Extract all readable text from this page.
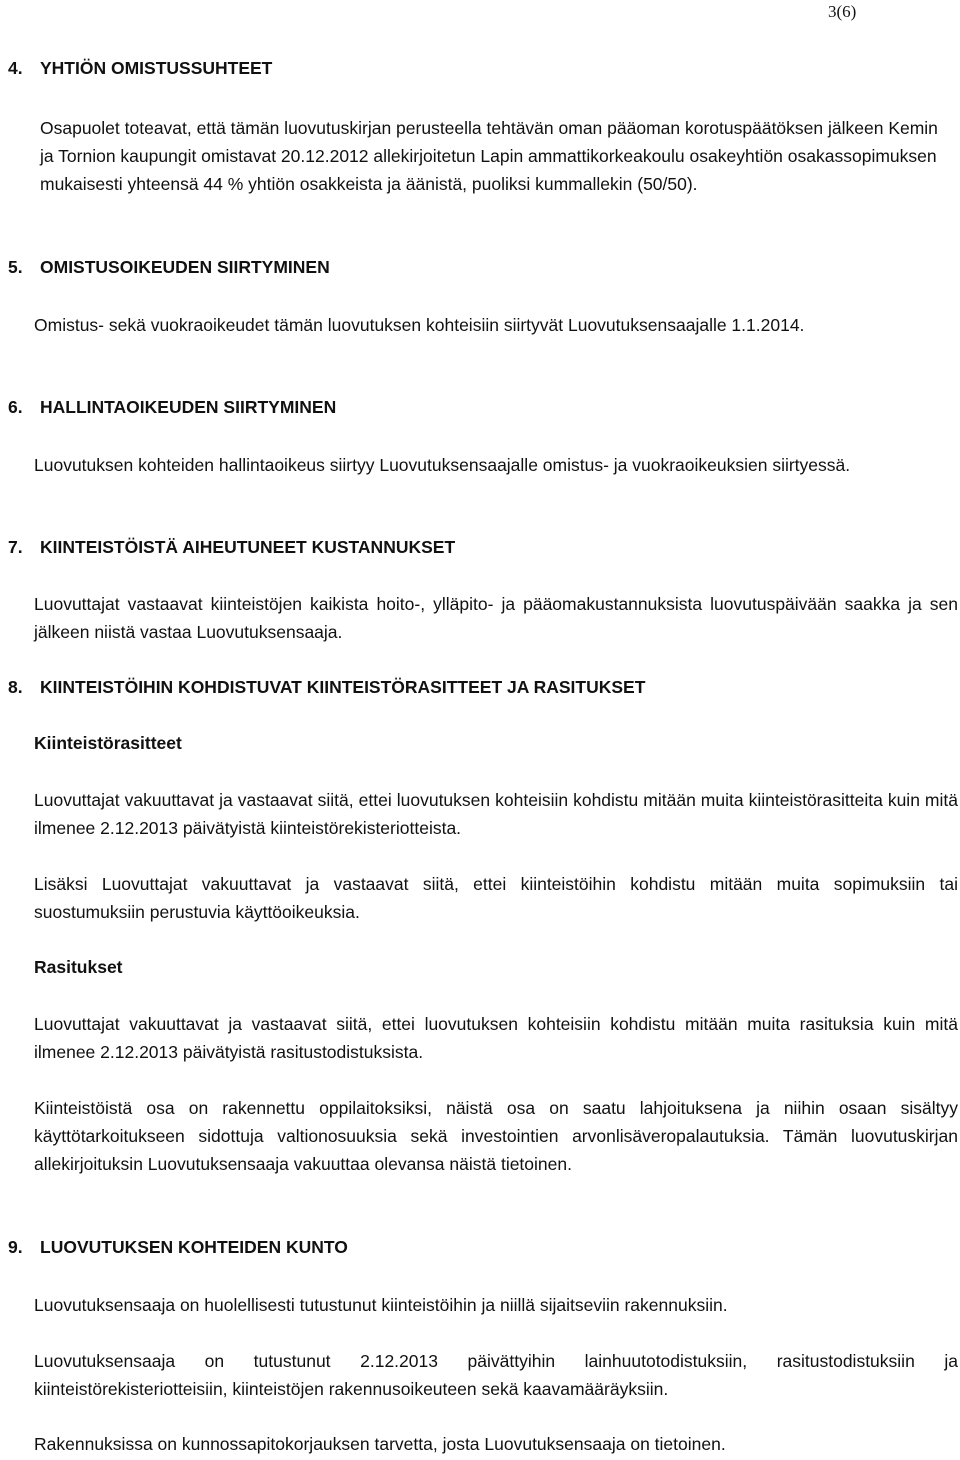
3(6)
4. YHTIÖN OMISTUSSUHTEET

Osapuolet toteavat, että tämän luovutuskirjan perusteella tehtävän oman pääoman korotuspäätöksen jälkeen Kemin ja Tornion kaupungit omistavat 20.12.2012 allekirjoitetun Lapin ammattikorkeakoulu osakeyhtiön osakassopimuksen mukaisesti yhteensä 44 % yhtiön osakkeista ja äänistä, puoliksi kummallekin (50/50).

5. OMISTUSOIKEUDEN SIIRTYMINEN

Omistus- sekä vuokraoikeudet tämän luovutuksen kohteisiin siirtyvät Luovutuksensaajalle 1.1.2014.

6. HALLINTAOIKEUDEN SIIRTYMINEN

Luovutuksen kohteiden hallintaoikeus siirtyy Luovutuksensaajalle omistus- ja vuokraoikeuksien siirtyessä.

7. KIINTEISTÖISTÄ AIHEUTUNEET KUSTANNUKSET

Luovuttajat vastaavat kiinteistöjen kaikista hoito-, ylläpito- ja pääomakustannuksista luovutuspäivään saakka ja sen jälkeen niistä vastaa Luovutuksensaaja.

8. KIINTEISTÖIHIN KOHDISTUVAT KIINTEISTÖRASITTEET JA RASITUKSET
Kiinteistörasitteet

Luovuttajat vakuuttavat ja vastaavat siitä, ettei luovutuksen kohteisiin kohdistu mitään muita kiinteistörasitteita kuin mitä ilmenee 2.12.2013 päivätyistä kiinteistörekisteriotteista.

Lisäksi Luovuttajat vakuuttavat ja vastaavat siitä, ettei kiinteistöihin kohdistu mitään muita sopimuksiin tai suostumuksiin perustuvia käyttöoikeuksia.

Rasitukset

Luovuttajat vakuuttavat ja vastaavat siitä, ettei luovutuksen kohteisiin kohdistu mitään muita rasituksia kuin mitä ilmenee 2.12.2013 päivätyistä rasitustodistuksista.

Kiinteistöistä osa on rakennettu oppilaitoksiksi, näistä osa on saatu lahjoituksena ja niihin osaan sisältyy käyttötarkoitukseen sidottuja valtionosuuksia sekä investointien arvonlisäveropalautuksia. Tämän luovutuskirjan allekirjoituksin Luovutuksensaaja vakuuttaa olevansa näistä tietoinen.

9. LUOVUTUKSEN KOHTEIDEN KUNTO

Luovutuksensaaja on huolellisesti tutustunut kiinteistöihin ja niillä sijaitseviin rakennuksiin.

Luovutuksensaaja on tutustunut 2.12.2013 päivättyihin lainhuutotodistuksiin, rasitustodistuksiin ja kiinteistörekisteriotteisiin, kiinteistöjen rakennusoikeuteen sekä kaavamääräyksiin.

Rakennuksissa on kunnossapitokorjauksen tarvetta, josta Luovutuksensaaja on tietoinen.
